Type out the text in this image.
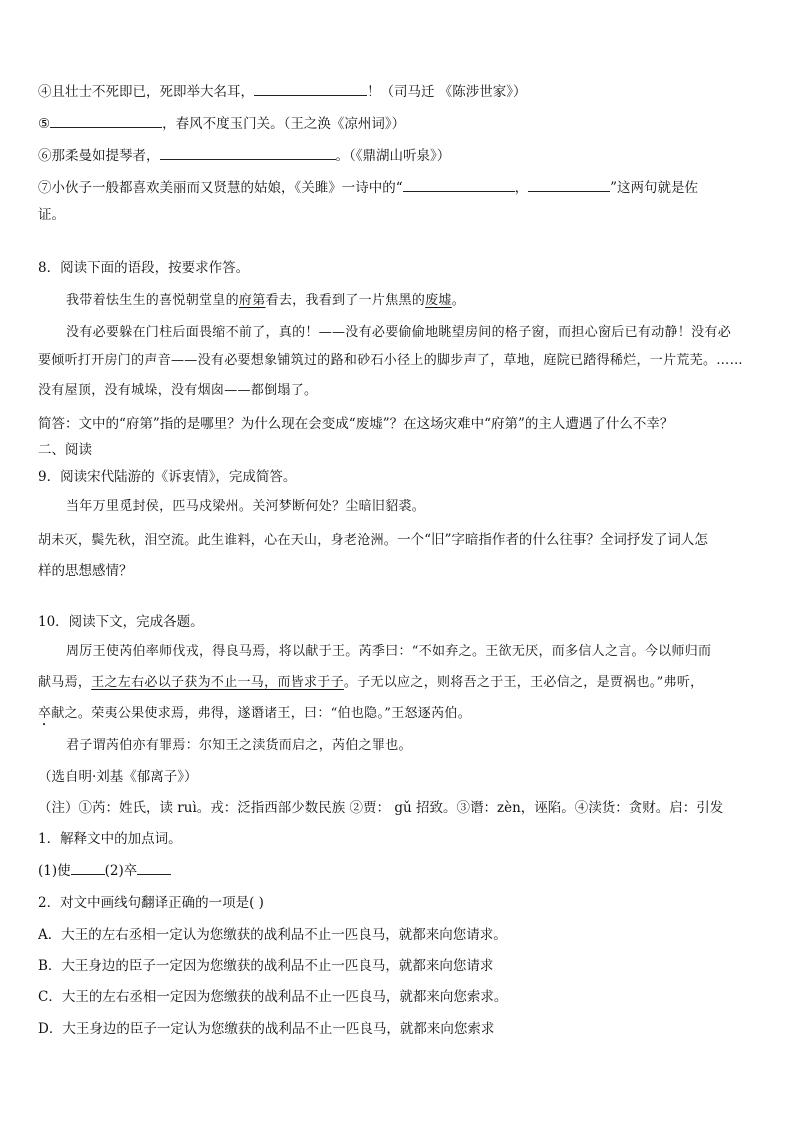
④且壮士不死即已，死即举大名耳，	！（司马迁 《陈涉世家》）
⑤	，春风不度玉门关。（王之涣《凉州词》）
⑥那柔曼如提琴者，	。（《鼎湖山听泉》）
⑦小伙子一般都喜欢美丽而又贤慧的姑娘，《关雎》一诗中的“	，	”这两句就是佐
证。
8．阅读下面的语段，按要求作答。
我带着怯生生的喜悦朝堂皇的府第看去，我看到了一片焦黑的废墟。
没有必要躲在门柱后面畏缩不前了，真的！——没有必要偷偷地眺望房间的格子窗，而担心窗后已有动静！没有必
要倾听打开房门的声音——没有必要想象铺筑过的路和砂石小径上的脚步声了，草地，庭院已踏得稀烂，一片荒芜。……
没有屋顶，没有城垛，没有烟囱——都倒塌了。
简答：文中的“府第”指的是哪里？为什么现在会变成“废墟”？在这场灾难中“府第”的主人遭遇了什么不幸？
二、阅读
9．阅读宋代陆游的《诉衷情》，完成简答。
当年万里觅封侯，匹马戍梁州。关河梦断何处？尘暗旧貂裘。
胡未灭，鬓先秋，泪空流。此生谁料，心在天山，身老沧洲。一个“旧”字暗指作者的什么往事？全词抒发了词人怎
样的思想感情？
10．阅读下文，完成各题。
周厉王使芮伯率师伐戎，得良马焉，将以献于王。芮季曰：“不如弃之。王欲无厌，而多信人之言。今以师归而
献马焉，王之左右必以子获为不止一马，而皆求于子。子无以应之，则将吾之于王，王必信之，是贾祸也。”弗听，
卒献之。荣夷公果使求焉，弗得，遂谮诸王，曰：“伯也隐。”王怒逐芮伯。
君子谓芮伯亦有罪焉：尔知王之渎货而启之，芮伯之罪也。
（选自明·刘基《郁离子》）
（注）①芮：姓氏，读 ruì。戎：泛指西部少数民族 ②贾： gǔ 招致。③谮：zèn，诬陷。④渎货：贪财。启：引发
1．解释文中的加点词。
(1)使	(2)卒
2．对文中画线句翻译正确的一项是( )
A．大王的左右丞相一定认为您缴获的战利品不止一匹良马，就都来向您请求。
B．大王身边的臣子一定因为您缴获的战利品不止一匹良马，就都来向您请求
C．大王的左右丞相一定因为您缴获的战利品不止一匹良马，就都来向您索求。
D．大王身边的臣子一定认为您缴获的战利品不止一匹良马，就都来向您索求
